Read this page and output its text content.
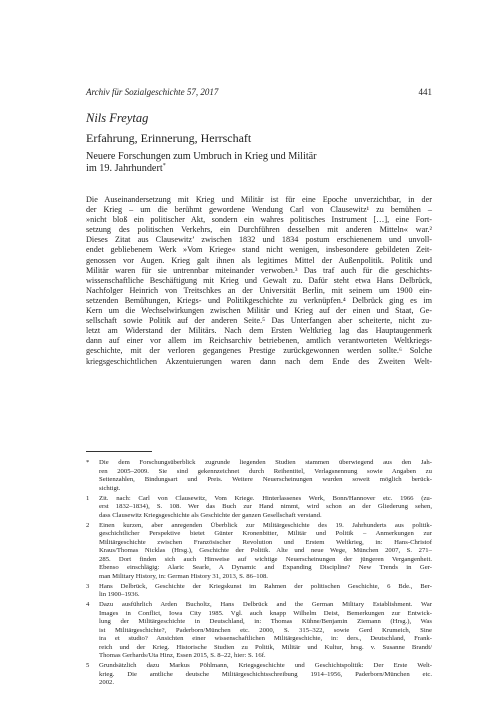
Archiv für Sozialgeschichte 57, 2017	441
Nils Freytag
Erfahrung, Erinnerung, Herrschaft
Neuere Forschungen zum Umbruch in Krieg und Militär
im 19. Jahrhundert*
Die Auseinandersetzung mit Krieg und Militär ist für eine Epoche unverzichtbar, in der
der Krieg – um die berühmt gewordene Wendung Carl von Clausewitz¹ zu bemühen –
»nicht bloß ein politischer Akt, sondern ein wahres politisches Instrument […], eine Fort-
setzung des politischen Verkehrs, ein Durchführen desselben mit anderen Mitteln« war.²
Dieses Zitat aus Clausewitz’ zwischen 1832 und 1834 postum erschienenem und unvoll-
endet gebliebenem Werk »Vom Kriege« stand nicht wenigen, insbesondere gebildeten Zeit-
genossen vor Augen. Krieg galt ihnen als legitimes Mittel der Außenpolitik. Politik und
Militär waren für sie untrennbar miteinander verwoben.³ Das traf auch für die geschichts-
wissenschaftliche Beschäftigung mit Krieg und Gewalt zu. Dafür steht etwa Hans Delbrück,
Nachfolger Heinrich von Treitschkes an der Universität Berlin, mit seinem um 1900 ein-
setzenden Bemühungen, Kriegs- und Politikgeschichte zu verknüpfen.⁴ Delbrück ging es im
Kern um die Wechselwirkungen zwischen Militär und Krieg auf der einen und Staat, Ge-
sellschaft sowie Politik auf der anderen Seite.⁵ Das Unterfangen aber scheiterte, nicht zu-
letzt am Widerstand der Militärs. Nach dem Ersten Weltkrieg lag das Hauptaugenmerk
dann auf einer vor allem im Reichsarchiv betriebenen, amtlich verantworteten Weltkriegs-
geschichte, mit der verloren gegangenes Prestige zurückgewonnen werden sollte.⁶ Solche
kriegsgeschichtlichen Akzentuierungen waren dann nach dem Ende des Zweiten Welt-
* Die dem Forschungsüberblick zugrunde liegenden Studien stammen überwiegend aus den Jah-
ren 2005–2009. Sie sind gekennzeichnet durch Reihentitel, Verlagsnennung sowie Angaben zu
Seitenzahlen, Bindungsart und Preis. Weitere Neuerscheinungen wurden soweit möglich berück-
sichtigt.
1 Zit. nach: Carl von Clausewitz, Vom Kriege. Hinterlassenes Werk, Bonn/Hannover etc. 1966 (zu-
erst 1832–1834), S. 108. Wer das Buch zur Hand nimmt, wird schon an der Gliederung sehen,
dass Clausewitz Kriegsgeschichte als Geschichte der ganzen Gesellschaft verstand.
2 Einen kurzen, aber anregenden Überblick zur Militärgeschichte des 19. Jahrhunderts aus politik-
geschichtlicher Perspektive bietet Günter Kronenbitter, Militär und Politik – Anmerkungen zur
Militärgeschichte zwischen Französischer Revolution und Erstem Weltkrieg, in: Hans-Christof
Kraus/Thomas Nicklas (Hrsg.), Geschichte der Politik. Alte und neue Wege, München 2007, S. 271–
285. Dort finden sich auch Hinweise auf wichtige Neuerscheinungen der jüngeren Vergangenheit.
Ebenso einschlägig: Alaric Searle, A Dynamic and Expanding Discipline? New Trends in Ger-
man Military History, in: German History 31, 2013, S. 86–108.
3 Hans Delbrück, Geschichte der Kriegskunst im Rahmen der politischen Geschichte, 6 Bde., Ber-
lin 1900–1936.
4 Dazu ausführlich Arden Bucholtz, Hans Delbrück and the German Military Establishment. War
Images in Conflict, Iowa City 1985. Vgl. auch knapp Wilhelm Deist, Bemerkungen zur Entwick-
lung der Militärgeschichte in Deutschland, in: Thomas Kühne/Benjamin Ziemann (Hrsg.), Was
ist Militärgeschichte?, Paderborn/München etc. 2000, S. 315–322, sowie Gerd Krumeich, Sine
ira et studio? Ansichten einer wissenschaftlichen Militärgeschichte, in: ders., Deutschland, Frank-
reich und der Krieg. Historische Studien zu Politik, Militär und Kultur, hrsg. v. Susanne Brandt/
Thomas Gerhards/Uta Hinz, Essen 2015, S. 8–22, hier: S. 16f.
5 Grundsätzlich dazu Markus Pöhlmann, Kriegsgeschichte und Geschichtspolitik: Der Erste Welt-
krieg. Die amtliche deutsche Militärgeschichtsschreibung 1914–1956, Paderborn/München etc.
2002.
